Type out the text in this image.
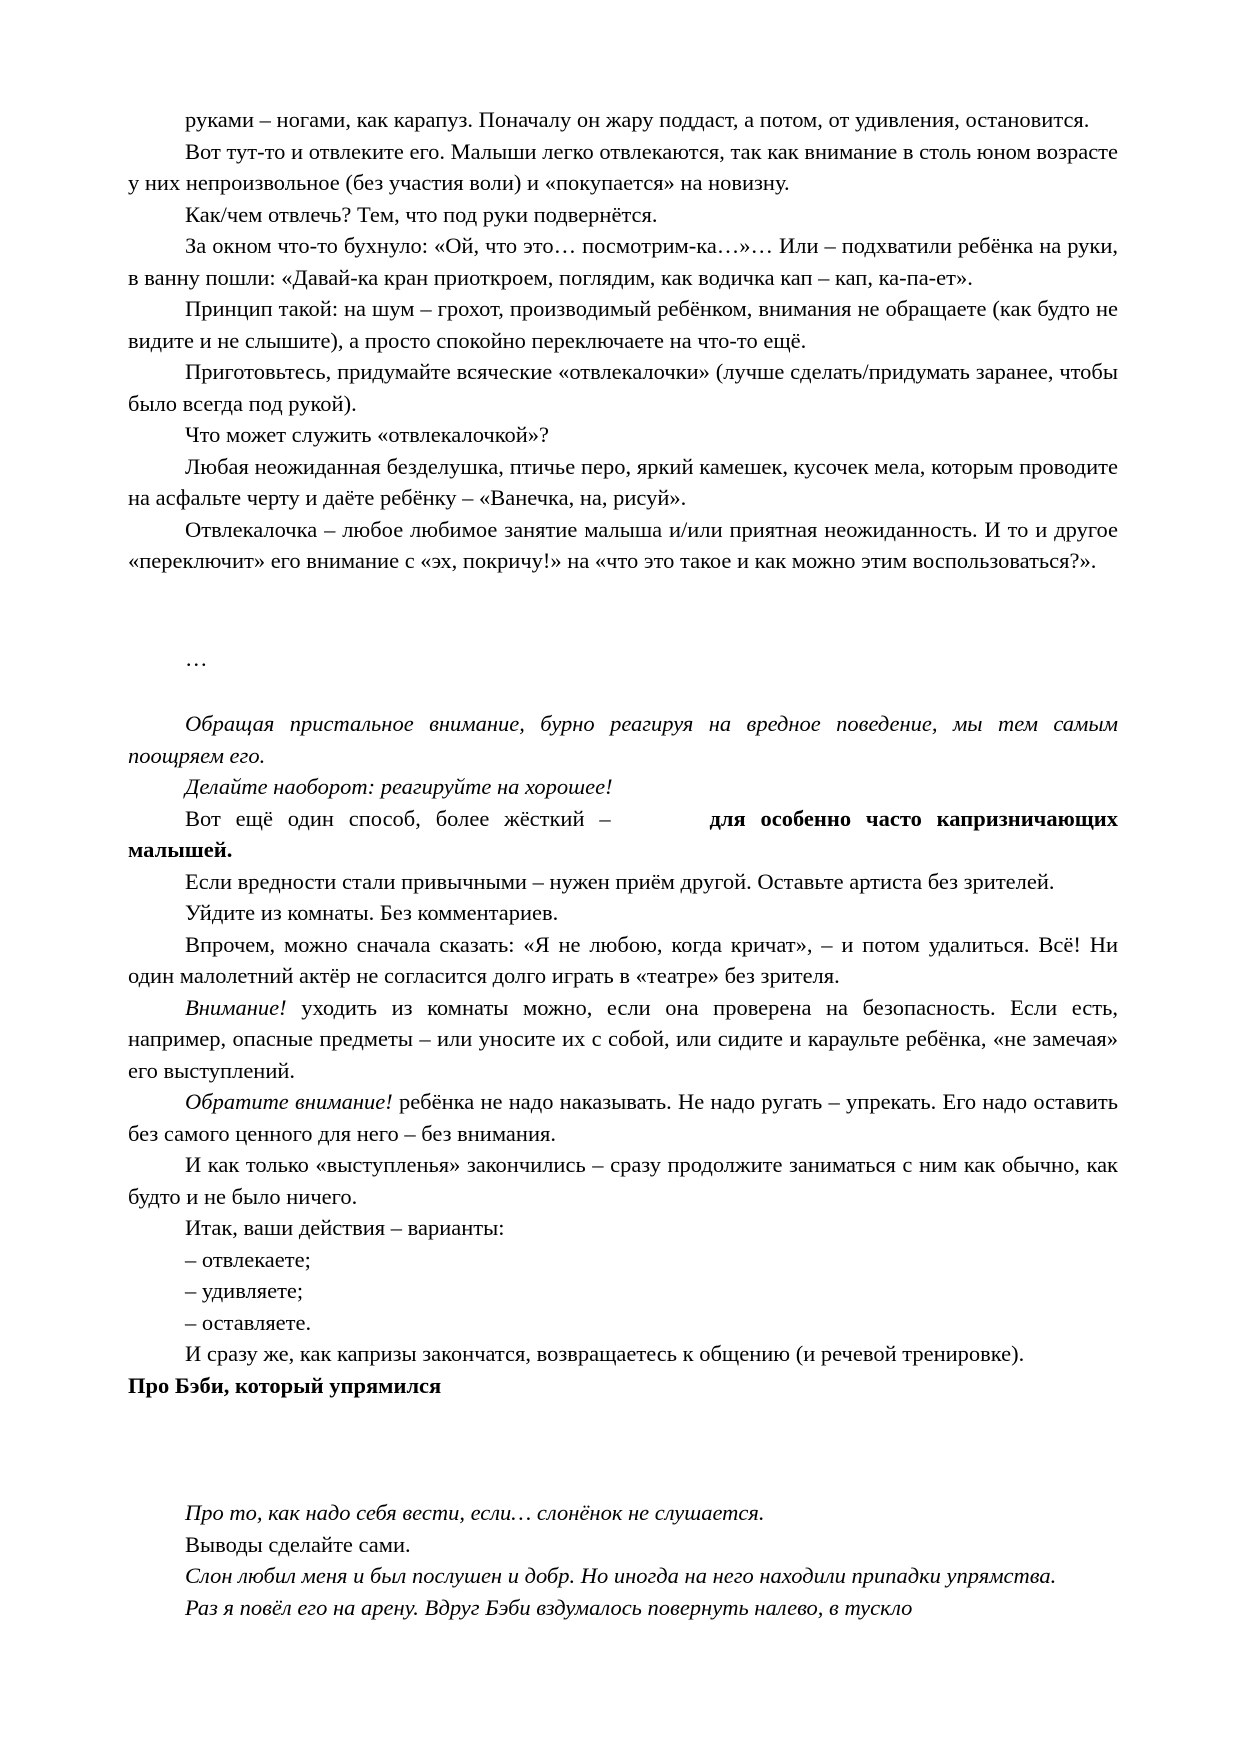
руками – ногами, как карапуз. Поначалу он жару поддаст, а потом, от удивления, остановится.

Вот тут-то и отвлеките его. Малыши легко отвлекаются, так как внимание в столь юном возрасте у них непроизвольное (без участия воли) и «покупается» на новизну.

Как/чем отвлечь? Тем, что под руки подвернётся.

За окном что-то бухнуло: «Ой, что это… посмотрим-ка…»… Или – подхватили ребёнка на руки, в ванну пошли: «Давай-ка кран приоткроем, поглядим, как водичка кап – кап, ка-па-ет».

Принцип такой: на шум – грохот, производимый ребёнком, внимания не обращаете (как будто не видите и не слышите), а просто спокойно переключаете на что-то ещё.

Приготовьтесь, придумайте всяческие «отвлекалочки» (лучше сделать/придумать заранее, чтобы было всегда под рукой).

Что может служить «отвлекалочкой»?

Любая неожиданная безделушка, птичье перо, яркий камешек, кусочек мела, которым проводите на асфальте черту и даёте ребёнку – «Ванечка, на, рисуй».

Отвлекалочка – любое любимое занятие малыша и/или приятная неожиданность. И то и другое «переключит» его внимание с «эх, покричу!» на «что это такое и как можно этим воспользоваться?».

…

Обращая пристальное внимание, бурно реагируя на вредное поведение, мы тем самым поощряем его.

Делайте наоборот: реагируйте на хорошее!

Вот ещё один способ, более жёсткий –	для особенно часто капризничающих малышей.

Если вредности стали привычными – нужен приём другой. Оставьте артиста без зрителей.

Уйдите из комнаты. Без комментариев.

Впрочем, можно сначала сказать: «Я не любою, когда кричат», – и потом удалиться. Всё! Ни один малолетний актёр не согласится долго играть в «театре» без зрителя.

Внимание! уходить из комнаты можно, если она проверена на безопасность. Если есть, например, опасные предметы – или уносите их с собой, или сидите и караульте ребёнка, «не замечая» его выступлений.

Обратите внимание! ребёнка не надо наказывать. Не надо ругать – упрекать. Его надо оставить без самого ценного для него – без внимания.

И как только «выступленья» закончились – сразу продолжите заниматься с ним как обычно, как будто и не было ничего.

Итак, ваши действия – варианты:

– отвлекаете;

– удивляете;

– оставляете.

И сразу же, как капризы закончатся, возвращаетесь к общению (и речевой тренировке).

Про Бэби, который упрямился

Про то, как надо себя вести, если… слонёнок не слушается.

Выводы сделайте сами.

Слон любил меня и был послушен и добр. Но иногда на него находили припадки упрямства.

Раз я повёл его на арену. Вдруг Бэби вздумалось повернуть налево, в тускло
